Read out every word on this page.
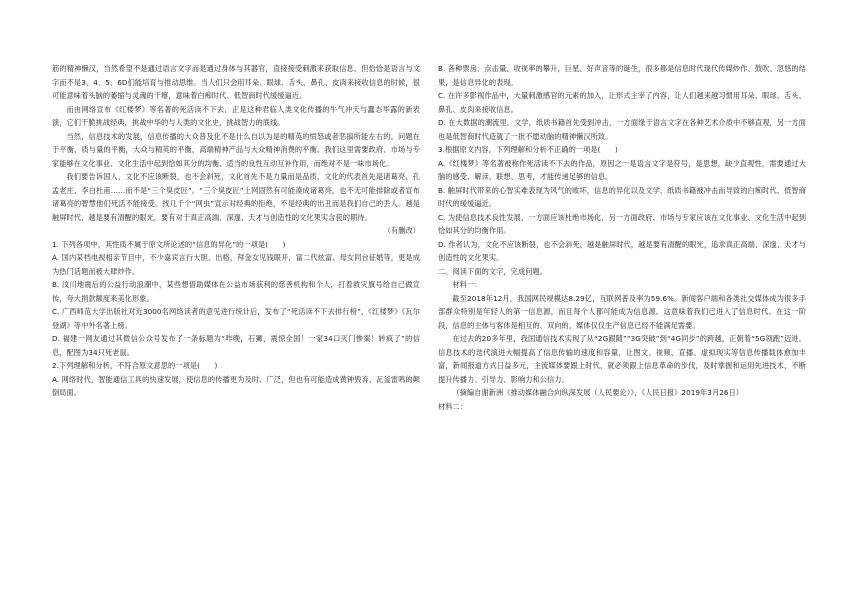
筋的精神懒汉，当然希望不是通过语言文字而是通过身体与其器官，直接接受刺激来获取信息。但恰恰是语言与文字而不是3、4、5、6D们能培育与推动思维。当人们只会用耳朵、眼球、舌头、鼻孔、皮肉来接收信息的时候，很可能意味着头脑的萎缩与灵魂的干瘪，意味着白痴时代、低智商时代缓缓逼近。

而由网络宣布《红楼梦》等名著的死活读不下去，正是这种君临人类文化传播的牛气冲天与蠢态毕露的新表演，它们干脆挑战经典，挑战中华的与人类的文化史，挑战智力的底线。

当然，信息技术的发展，信息传播的大众普及化不是什么自以为是的精英的愤怒或者恶搞所能左右的。问题在于平衡，质与量的平衡，大众与精英的平衡，高端精神产品与大众精神消费的平衡。我们这里需要政府、市场与专家能够在文化事业、文化生活中起到恰如其分的均衡、适当的良性互动互补作用，而绝对不是一味市场化。

我们要告诉国人，文化不应该断裂，也不会斜死，文化首先不是力量而是品质，文化的代表首先是诸葛亮、孔孟老庄、李白杜甫……而不是“三个臭皮匠”。“三个臭皮匠”上网固然有可能凑成诸葛亮，也不无可能排除或者宣布诸葛亮的智慧他们死活不能接受。找几千个“网虫”宣示对经典的拒绝，不是经典的出丑而是我们自己的丢人。越是触屏时代，越是要有清醒的眼光，要有对于真正高端、深邃、天才与创造性的文化果实含苞的期待。

（有删改）

1. 下列各项中，其性质不属于原文所论述的“信息的异化”的一项是(　　)

A. 国内某档电视相亲节目中，不少嘉宾言行大胆、出格，拜金女见钱眼开，富二代炫富、母女同台征婚等，更是成为热门话题而被大肆炒作。

B. 汶川地震后的公益行动浪潮中，某些想借助媒体在公益市场获利的慈善机构和个人，打着救灾旗号给自己做宣传，夸大捐款额度来美化形象。

C. 广西师范大学出版社对近3000名网络读者的意见进行统计后，发布了“死活读不下去排行榜”，《红楼梦》《瓦尔登湖》等中外名著上榜。

D. 福建一网友通过其微信公众号发布了一条标题为“咋晚，石狮，震惊全国！一家34口灭门惨案！转疯了”的信息，配图为34只死老鼠。

2.下列理解和分析，不符合原文意思的一项是(　　)

A. 网络时代，智能通信工具的快速发展，使信息的传播更为及时、广泛，但也有可能造成黄钟毁弃、瓦釜雷鸣的颠倒局面。

B. 各种票房、点击量、收视率的攀升，巨星、好声音等的诞生，很多都是信息时代现代传媒炒作、鼓吹、忽悠的结果，是信息异化的表现。

C. 在许多影视作品中，大量刺激感官的元素的加入，让形式主宰了内容，让人们越来越习惯用耳朵、眼球、舌头、鼻孔、皮肉来接收信息。

D. 在大数据的潮流里，文学，纸质书籍首先受到冲击，一方面缘于语言文字在各种艺术介质中不够直观，另一方面也是低智商时代造就了一批不愿动脑的精神懒汉所致。

3.根据原文内容，下列理解和分析不正确的一项是(　　)

A.《红楼梦》等名著被称作死活读不下去的作品，原因之一是语言文字是符号，是思想，缺少直观性，需要通过大脑的感受、解读、联想、思考，才能传递足够的信息。

B. 触屏时代带来的心智实难表现为风气的败坏，信息的异化以及文学、纸质书籍被冲击而导致的白痴时代、低智商时代的缓缓逼近。

C. 为使信息技术良性发展，一方面应该杜绝市场化，另一方面政府、市场与专家应该在文化事业、文化生活中起到恰如其分的均衡作用。

D. 作者认为，文化不应该断裂，也不会斜死，越是触屏时代，越是要有清醒的眼光，追求真正高端、深邃、天才与创造性的文化果实。

二、阅读下面的文字，完成问题。

材料一：

截至2018年12月，我国网民规模达8.29亿，互联网普及率为59.6%。新闻客户端和各类社交媒体成为很多手部群众特别是年轻人的第一信息源，而且每个人都可能成为信息源。这意味着我们已进入了信息时代。在这一阶段，信息的主体与客体是相互的、双向的，媒体仅仅生产信息已经不能满足需要。

在过去的20多年里，我国通信技术实现了从“2G跟随”“3G突破”到“4G同步”的跨越，正朝着“5G领跑”迈进。信息技术的迭代演进大幅提高了信息传输的速度和容量，让图文、视频、直播、虚拟现实等信息传播载体愈加丰富，新闻报道方式日益多元，主流媒体要跟上时代，就必须跟上信息革命的步伐，及时掌握和运用先进技术，不断提升传播力、引导力、影响力和公信力。

（摘编自谢新洲《推动媒体融合向纵深发展（人民要论）》，《人民日报》2019年3月26日）

材料二：
